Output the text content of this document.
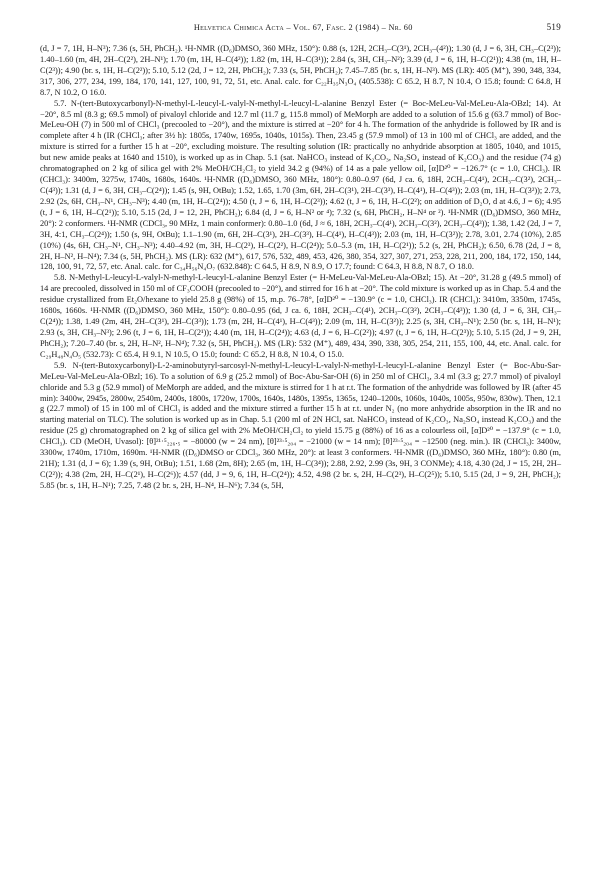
Helvetica Chimica Acta – Vol. 67, Fasc. 2 (1984) – Nr. 60	519

(d, J = 7, 1H, H–N³); 7.36 (s, 5H, PhCH₂). ¹H-NMR ((D₆)DMSO, 360 MHz, 150°): 0.88 (s, 12H, 2CH₃–C(3¹), 2CH₃–(4²)); 1.30 (d, J = 6, 3H, CH₃–C(2³)); 1.40–1.60 (m, 4H, 2H–C(2²), 2H–N¹); 1.70 (m, 1H, H–C(4²)); 1.82 (m, 1H, H–C(3¹)); 2.84 (s, 3H, CH₃–N²); 3.39 (d, J = 6, 1H, H–C(2¹)); 4.38 (m, 1H, H–C(2³)); 4.90 (br. s, 1H, H–C(2²)); 5.10, 5.12 (2d, J = 12, 2H, PhCH₂); 7.33 (s, 5H, PhCH₂); 7.45–7.85 (br. s, 1H, H–N³). MS (LR): 405 (M⁺), 390, 348, 334, 317, 306, 277, 234, 199, 184, 170, 141, 127, 100, 91, 72, 51, etc. Anal. calc. for C₂₂H₃₅N₃O₄ (405.538): C 65.2, H 8.7, N 10.4, O 15.8; found: C 64.8, H 8.7, N 10.2, O 16.0.

5.7. N-(tert-Butoxycarbonyl)-N-methyl-L-leucyl-L-valyl-N-methyl-L-leucyl-L-alanine Benzyl Ester (= Boc-MeLeu-Val-MeLeu-Ala-OBzl; 14). At −20°, 8.5 ml (8.3 g; 69.5 mmol) of pivaloyl chloride and 12.7 ml (11.7 g, 115.8 mmol) of MeMorph are added to a solution of 15.6 g (63.7 mmol) of Boc-MeLeu-OH (7) in 500 ml of CHCl₃ (precooled to −20°), and the mixture is stirred at −20° for 4 h. The formation of the anhydride is followed by IR and is complete after 4 h (IR (CHCl₃; after 3½ h): 1805s, 1740w, 1695s, 1040s, 1015s). Then, 23.45 g (57.9 mmol) of 13 in 100 ml of CHCl₃ are added, and the mixture is stirred for a further 15 h at −20°, excluding moisture. The resulting solution (IR: practically no anhydride absorption at 1805, 1040, and 1015, but new amide peaks at 1640 and 1510), is worked up as in Chap. 5.1 (sat. NaHCO₃ instead of K₂CO₃, Na₂SO₄ instead of K₂CO₃) and the residue (74 g) chromatographed on 2 kg of silica gel with 2% MeOH/CH₂Cl₂ to yield 34.2 g (94%) of 14 as a pale yellow oil, [α]D²⁰ = −126.7° (c = 1.0, CHCl₃). IR (CHCl₃): 3400m, 3275w, 1740s, 1680s, 1640s. ¹H-NMR ((D₆)DMSO, 360 MHz, 180°): 0.80–0.97 (6d, J ca. 6, 18H, 2CH₃–C(4¹), 2CH₃–C(3²), 2CH₃–C(4³)); 1.31 (d, J = 6, 3H, CH₃–C(2⁴)); 1.45 (s, 9H, OtBu); 1.52, 1.65, 1.70 (3m, 6H, 2H–C(3¹), 2H–C(3³), H–C(4¹), H–C(4³)); 2.03 (m, 1H, H–C(3²)); 2.73, 2.92 (2s, 6H, CH₃–N¹, CH₃–N³); 4.40 (m, 1H, H–C(2⁴)); 4.50 (t, J = 6, 1H, H–C(2³)); 4.62 (t, J = 6, 1H, H–C(2²); on addition of D₂O, d at 4.6, J = 6); 4.95 (t, J = 6, 1H, H–C(2¹)); 5.10, 5.15 (2d, J = 12, 2H, PhCH₂); 6.84 (d, J = 6, H–N² or ⁴); 7.32 (s, 6H, PhCH₂, H–N⁴ or ²). ¹H-NMR ((D₆)DMSO, 360 MHz, 20°): 2 conformers. ¹H-NMR (CDCl₃, 90 MHz, 1 main conformer): 0.80–1.0 (6d, J ≈ 6, 18H, 2CH₃–C(4¹), 2CH₃–C(3²), 2CH₃–C(4³)); 1.38, 1.42 (2d, J = 7, 3H, 4:1, CH₃–C(2⁴)); 1.50 (s, 9H, OtBu); 1.1–1.90 (m, 6H, 2H–C(3¹), 2H–C(3³), H–C(4¹), H–C(4³)); 2.03 (m, 1H, H–C(3²)); 2.78, 3.01, 2.74 (10%), 2.85 (10%) (4s, 6H, CH₃–N¹, CH₃–N³); 4.40–4.92 (m, 3H, H–C(2³), H–C(2²), H–C(2⁴)); 5.0–5.3 (m, 1H, H–C(2¹)); 5.2 (s, 2H, PhCH₂); 6.50, 6.78 (2d, J = 8, 2H, H–N², H–N⁴); 7.34 (s, 5H, PhCH₂). MS (LR): 632 (M⁺), 617, 576, 532, 489, 453, 426, 380, 354, 327, 307, 271, 253, 228, 211, 200, 184, 172, 150, 144, 128, 100, 91, 72, 57, etc. Anal. calc. for C₃₄H₅₆N₄O₇ (632.848): C 64.5, H 8.9, N 8.9, O 17.7; found: C 64.3, H 8.8, N 8.7, O 18.0.

5.8. N-Methyl-L-leucyl-L-valyl-N-methyl-L-leucyl-L-alanine Benzyl Ester (= H-MeLeu-Val-MeLeu-Ala-OBzl; 15). At −20°, 31.28 g (49.5 mmol) of 14 are precooled, dissolved in 150 ml of CF₃COOH (precooled to −20°), and stirred for 16 h at −20°. The cold mixture is worked up as in Chap. 5.4 and the residue crystallized from Et₂O/hexane to yield 25.8 g (98%) of 15, m.p. 76–78°, [α]D²⁰ = −130.9° (c = 1.0, CHCl₃). IR (CHCl₃): 3410m, 3350m, 1745s, 1680s, 1660s. ¹H-NMR ((D₆)DMSO, 360 MHz, 150°): 0.80–0.95 (6d, J ca. 6, 18H, 2CH₃–C(4¹), 2CH₃–C(3²), 2CH₃–C(4³)); 1.30 (d, J = 6, 3H, CH₃–C(2⁴)); 1.38, 1.49 (2m, 4H, 2H–C(3¹), 2H–C(3³)); 1.73 (m, 2H, H–C(4¹), H–C(4³)); 2.09 (m, 1H, H–C(3²)); 2.25 (s, 3H, CH₃–N¹); 2.50 (br. s, 1H, H–N¹); 2.93 (s, 3H, CH₃–N³); 2.96 (t, J = 6, 1H, H–C(2¹)); 4.40 (m, 1H, H–C(2⁴)); 4.63 (d, J = 6, H–C(2²)); 4.97 (t, J = 6, 1H, H–C(2³)); 5.10, 5.15 (2d, J = 9, 2H, PhCH₂); 7.20–7.40 (br. s, 2H, H–N², H–N⁴); 7.32 (s, 5H, PhCH₂). MS (LR): 532 (M⁺), 489, 434, 390, 338, 305, 254, 211, 155, 100, 44, etc. Anal. calc. for C₂₉H₄₈N₄O₅ (532.73): C 65.4, H 9.1, N 10.5, O 15.0; found: C 65.2, H 8.8, N 10.4, O 15.0.

5.9. N-(tert-Butoxycarbonyl)-L-2-aminobutyryl-sarcosyl-N-methyl-L-leucyl-L-valyl-N-methyl-L-leucyl-L-alanine Benzyl Ester (= Boc-Abu-Sar-MeLeu-Val-MeLeu-Ala-OBzl; 16). To a solution of 6.9 g (25.2 mmol) of Boc-Abu-Sar-OH (6) in 250 ml of CHCl₃, 3.4 ml (3.3 g; 27.7 mmol) of pivaloyl chloride and 5.3 g (52.9 mmol) of MeMorph are added, and the mixture is stirred for 1 h at r.t. The formation of the anhydride was followed by IR (after 45 min): 3400w, 2945s, 2800w, 2540m, 2400s, 1800s, 1720w, 1700s, 1640s, 1480s, 1395s, 1365s, 1240–1200s, 1060s, 1040s, 1005s, 950w, 830w). Then, 12.1 g (22.7 mmol) of 15 in 100 ml of CHCl₃ is added and the mixture stirred a further 15 h at r.t. under N₂ (no more anhydride absorption in the IR and no starting material on TLC). The solution is worked up as in Chap. 5.1 (200 ml of 2N HCl, sat. NaHCO₃ instead of K₂CO₃, Na₂SO₄ instead K₂CO₃) and the residue (25 g) chromatographed on 2 kg of silica gel with 2% MeOH/CH₂Cl₂ to yield 15.75 g (88%) of 16 as a colourless oil, [α]D²⁰ = −137.9° (c = 1.0, CHCl₃). CD (MeOH, Uvasol): [θ]²¹·⁵₂₂₆.₅ = −80000 (w = 24 nm), [θ]²³·⁵₂₀₄ = −21000 (w = 14 nm); [θ]²³·⁵₂₀₄ = −12500 (neg. min.). IR (CHCl₃): 3400w, 3300w, 1740m, 1710m, 1690m. ¹H-NMR ((D₆)DMSO or CDCl₃, 360 MHz, 20°): at least 3 conformers. ¹H-NMR ((D₆)DMSO, 360 MHz, 180°): 0.80 (m, 21H); 1.31 (d, J = 6); 1.39 (s, 9H, OtBu); 1.51, 1.68 (2m, 8H); 2.65 (m, 1H, H–C(3⁴)); 2.88, 2.92, 2.99 (3s, 9H, 3 CONMe); 4.18, 4.30 (2d, J = 15, 2H, 2H–C(2²)); 4.38 (2m, 2H, H–C(2¹), H–C(2⁶)); 4.57 (dd, J = 9, 6, 1H, H–C(2⁴)); 4.52, 4.98 (2 br. s, 2H, H–C(2³), H–C(2⁵)); 5.10, 5.15 (2d, J = 9, 2H, PhCH₂); 5.85 (br. s, 1H, H–N¹); 7.25, 7.48 (2 br. s, 2H, H–N⁴, H–N⁶); 7.34 (s, 5H,
